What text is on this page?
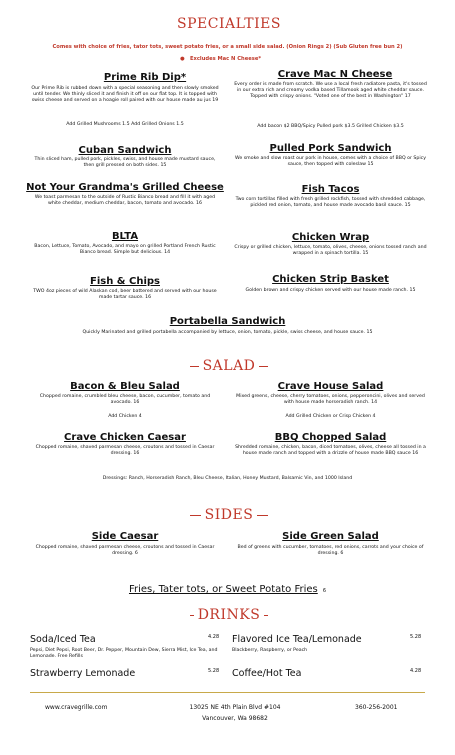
SPECIALTIES
Comes with choice of fries, tator tots, sweet potato fries, or a small side salad. (Onion Rings 2) (Sub Gluten free bun 2)
●   Excludes Mac N Cheese*
Prime Rib Dip*
Our Prime Rib is rubbed down with a special seasoning and then slowly smoked until tender. We thinly sliced it and finish it off on our flat top. It is topped with swiss cheese and served on a hoagie roll paired with our house made au jus 19
Add Grilled Mushrooms 1.5 Add Grilled Onions 1.5
Crave Mac N Cheese
Every order is made from scratch. We use a local fresh radiatore pasta, it's tossed in our extra rich and creamy vodka based Tillamook aged white cheddar sauce. Topped with crispy onions. "Voted one of the best in Washington" 17
Add bacon $2 BBQ/Spicy Pulled pork $3.5 Grilled Chicken $3.5
Cuban Sandwich
Thin sliced ham, pulled pork, pickles, swiss, and house made mustard sauce, then grill pressed on both sides. 15
Pulled Pork Sandwich
We smoke and slow roast our pork in house, comes with a choice of BBQ or Spicy sauce, then topped with coleslaw 15
Not Your Grandma's Grilled Cheese
We toast parmesan to the outside of Rustic Bianco bread and fill it with aged white cheddar, medium cheddar, bacon, tomato and avocado. 16
Fish Tacos
Two corn tortillas filled with fresh grilled rockfish, tossed with shredded cabbage, pickled red onion, tomato, and house made avocado basil sauce. 15
BLTA
Bacon, Lettuce, Tomato, Avocado, and mayo on grilled Portland French Rustic Bianco bread. Simple but delicious. 14
Chicken Wrap
Crispy or grilled chicken, lettuce, tomato, olives, cheese, onions tossed ranch and wrapped in a spinach tortilla. 15
Fish & Chips
TWO 4oz pieces of wild Alaskan cod, beer battered and served with our house made tartar sauce. 16
Chicken Strip Basket
Golden brown and crispy chicken served with our house made ranch. 15
Portabella Sandwich
Quickly Marinated and grilled portabella accompanied by lettuce, onion, tomato, pickle, swiss cheese, and house sauce. 15
SALAD
Bacon & Bleu Salad
Chopped romaine, crumbled bleu cheese, bacon, cucumber, tomato and avocado. 16
Add Chicken 4
Crave House Salad
Mixed greens, cheese, cherry tomatoes, onions, pepperoncini, olives and served with house made horseradish ranch. 14
Add Grilled Chicken or Crisp Chicken 4
Crave Chicken Caesar
Chopped romaine, shaved parmesan cheese, croutons and tossed in Caesar dressing. 16
BBQ Chopped Salad
Shredded romaine, chicken, bacon, diced tomatoes, olives, cheese all tossed in a house made ranch and topped with a drizzle of house made BBQ sauce 16
Dressings: Ranch, Horseradish Ranch, Bleu Cheese, Italian, Honey Mustard, Balsamic Vin, and 1000 Island
SIDES
Side Caesar
Chopped romaine, shaved parmesan cheese, croutons and tossed in Caesar dressing. 6
Side Green Salad
Bed of greens with cucumber, tomatoes, red onions, carrots and your choice of dressing. 6
Fries, Tater tots, or Sweet Potato Fries 6
DRINKS
Soda/Iced Tea	4.28
Pepsi, Diet Pepsi, Root Beer, Dr. Pepper, Mountain Dew, Sierra Mist, Ice Tea, and Lemonade. Free Refills
Flavored Ice Tea/Lemonade	5.28
Blackberry, Raspberry, or Peach
Strawberry Lemonade	5.28 Coffee/Hot Tea	4.28
www.cravegrille.com	13025 NE 4th Plain Blvd #104
Vancouver, Wa 98682
360-256-2001
